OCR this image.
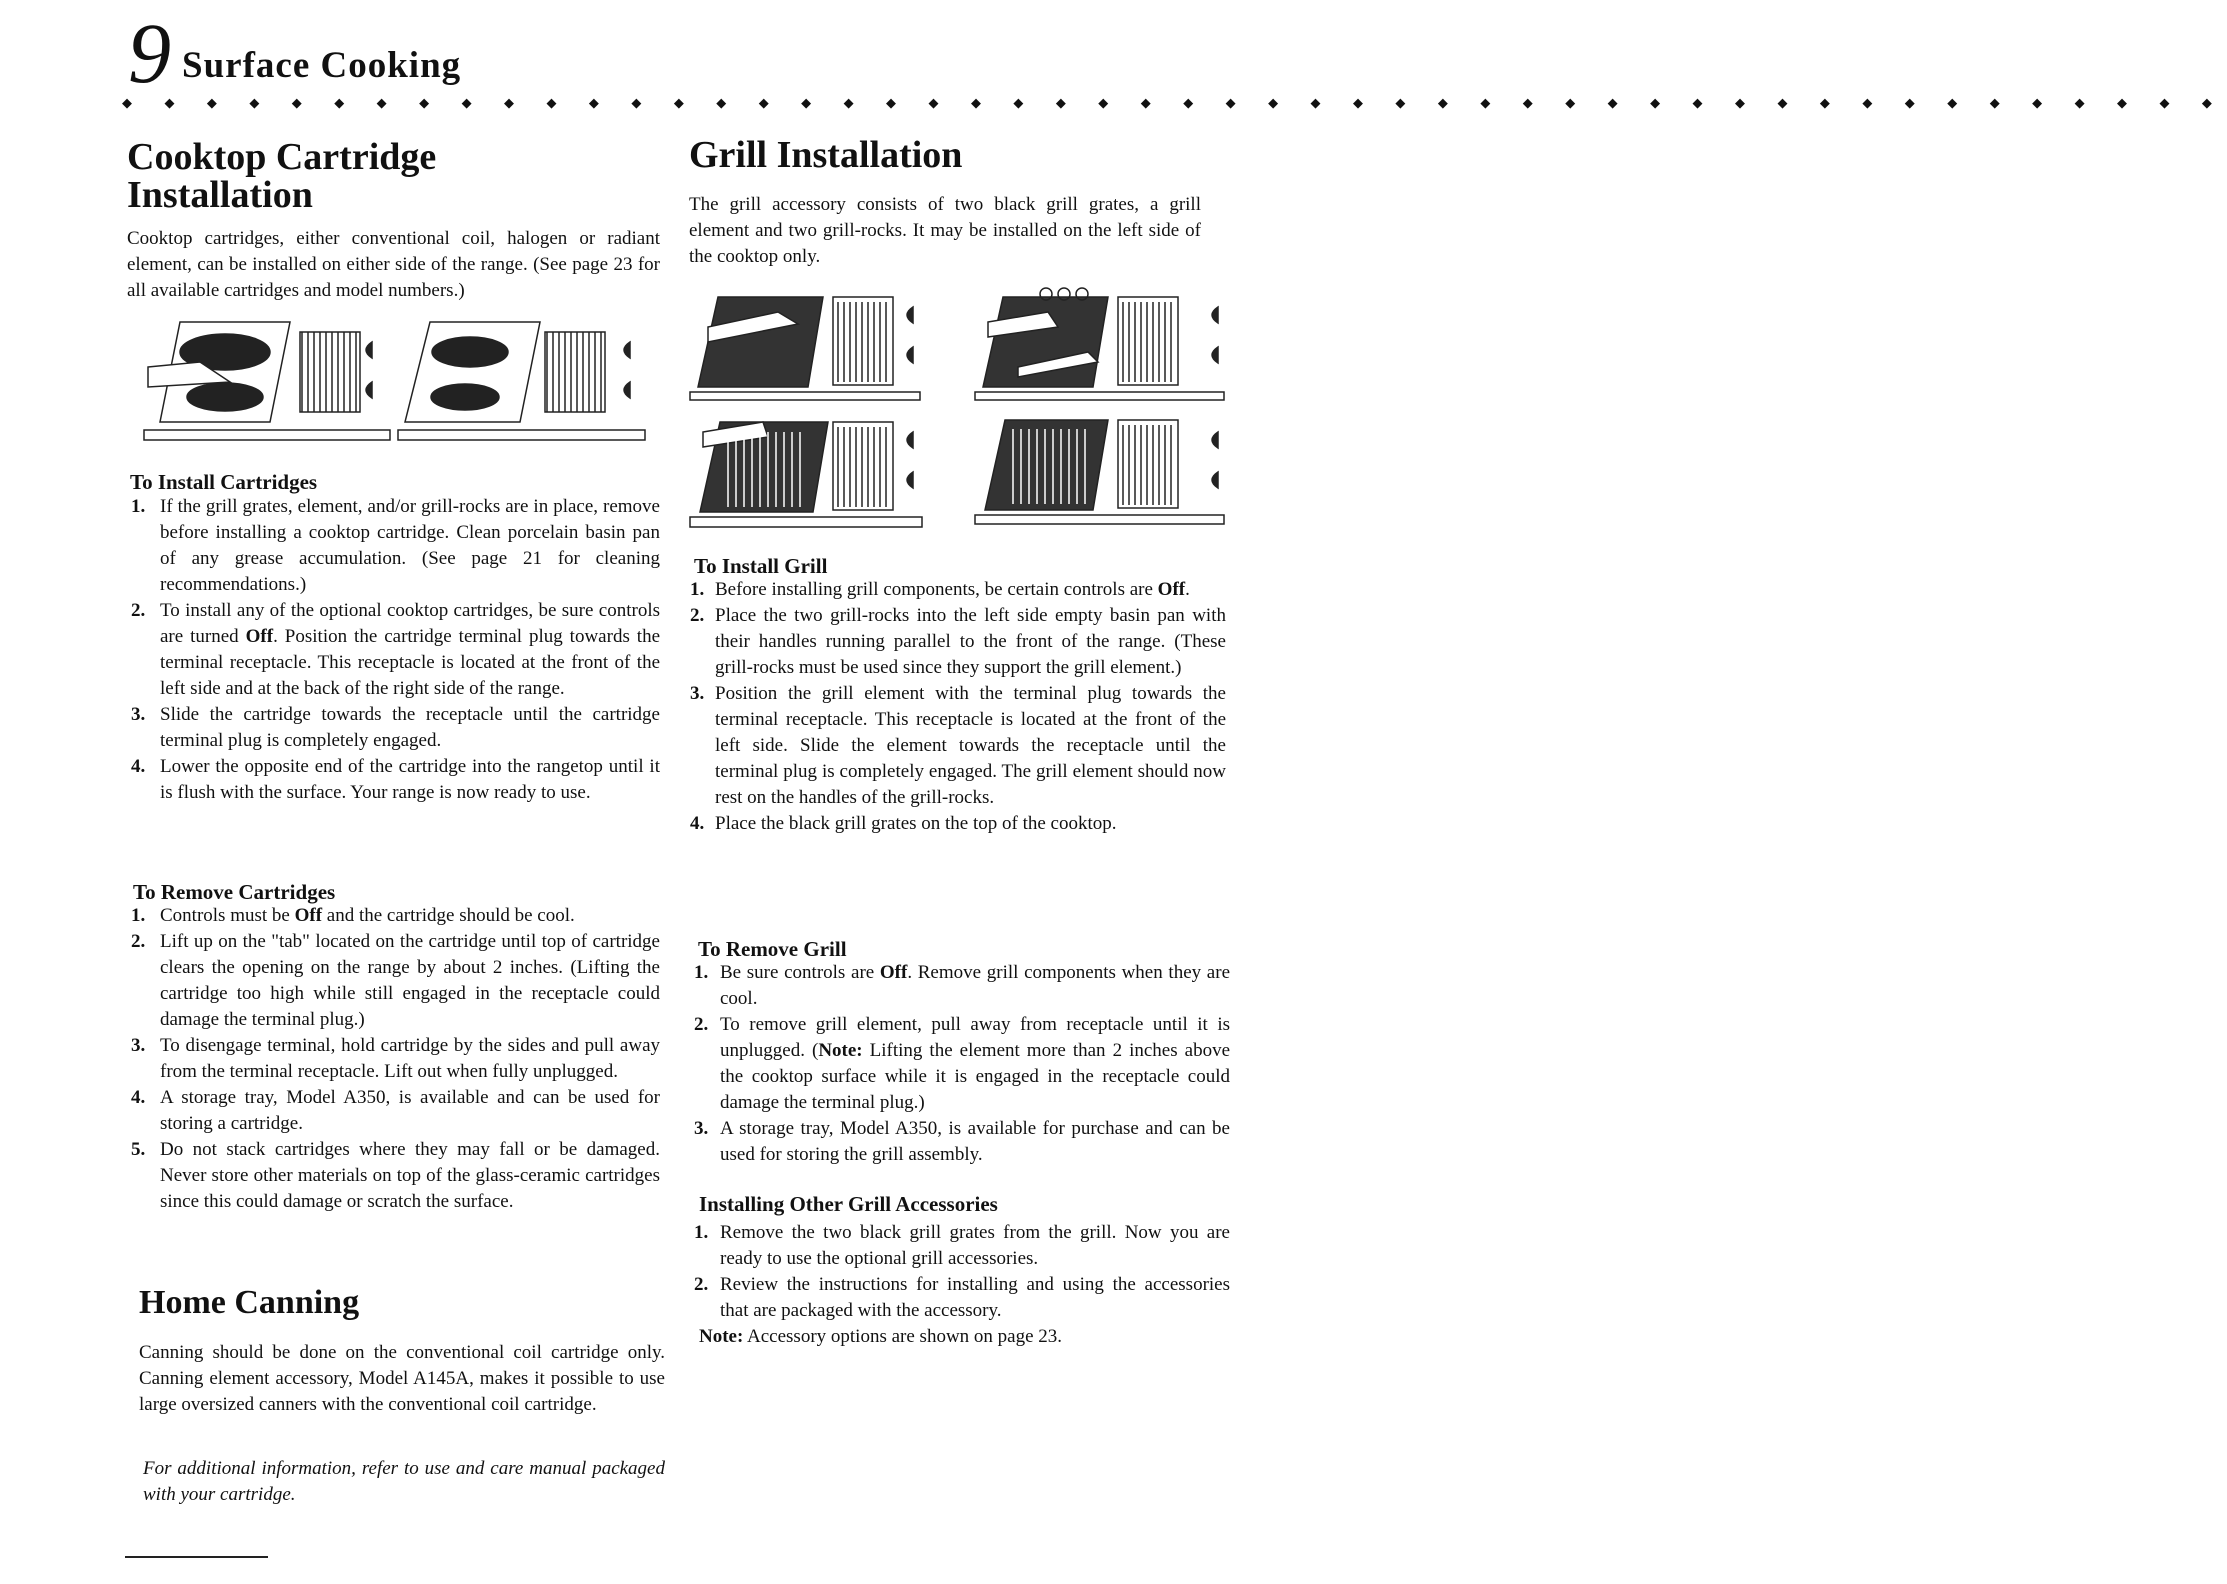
9 Surface Cooking
◆ ◆ ◆ ◆ ◆ ◆ ◆ ◆ ◆ ◆ ◆ ◆ ◆ ◆ ◆ ◆ ◆ ◆ ◆ ◆ ◆ ◆ ◆ ◆ ◆ ◆ ◆ ◆ ◆ ◆ ◆ ◆ ◆ ◆ ◆ ◆ ◆ ◆ ◆ ◆ ◆ ◆ ◆ ◆ ◆ ◆ ◆ ◆ ◆ ◆
Cooktop Cartridge
Installation

Cooktop cartridges, either conventional coil, halogen or radiant element, can be installed on either side of the range. (See page 23 for all available cartridges and model numbers.)

To Install Cartridges
1. If the grill grates, element, and/or grill-rocks are in place, remove before installing a cooktop cartridge. Clean porcelain basin pan of any grease accumulation. (See page 21 for cleaning recommendations.)
2. To install any of the optional cooktop cartridges, be sure controls are turned Off. Position the cartridge terminal plug towards the terminal receptacle. This receptacle is located at the front of the left side and at the back of the right side of the range.
3. Slide the cartridge towards the receptacle until the cartridge terminal plug is completely engaged.
4. Lower the opposite end of the cartridge into the rangetop until it is flush with the surface. Your range is now ready to use.
To Remove Cartridges
1. Controls must be Off and the cartridge should be cool.
2. Lift up on the "tab" located on the cartridge until top of cartridge clears the opening on the range by about 2 inches. (Lifting the cartridge too high while still engaged in the receptacle could damage the terminal plug.)
3. To disengage terminal, hold cartridge by the sides and pull away from the terminal receptacle. Lift out when fully unplugged.
4. A storage tray, Model A350, is available and can be used for storing a cartridge.
5. Do not stack cartridges where they may fall or be damaged. Never store other materials on top of the glass-ceramic cartridges since this could damage or scratch the surface.
Home Canning

Canning should be done on the conventional coil cartridge only. Canning element accessory, Model A145A, makes it possible to use large oversized canners with the conventional coil cartridge.

For additional information, refer to use and care manual packaged with your cartridge.

Grill Installation

The grill accessory consists of two black grill grates, a grill element and two grill-rocks. It may be installed on the left side of the cooktop only.

To Install Grill
1. Before installing grill components, be certain controls are Off.
2. Place the two grill-rocks into the left side empty basin pan with their handles running parallel to the front of the range. (These grill-rocks must be used since they support the grill element.)
3. Position the grill element with the terminal plug towards the terminal receptacle. This receptacle is located at the front of the left side. Slide the element towards the receptacle until the terminal plug is completely engaged. The grill element should now rest on the handles of the grill-rocks.
4. Place the black grill grates on the top of the cooktop.
To Remove Grill
1. Be sure controls are Off. Remove grill components when they are cool.
2. To remove grill element, pull away from receptacle until it is unplugged. (Note: Lifting the element more than 2 inches above the cooktop surface while it is engaged in the receptacle could damage the terminal plug.)
3. A storage tray, Model A350, is available for purchase and can be used for storing the grill assembly.
Installing Other Grill Accessories
1. Remove the two black grill grates from the grill. Now you are ready to use the optional grill accessories.
2. Review the instructions for installing and using the accessories that are packaged with the accessory.

Note: Accessory options are shown on page 23.
